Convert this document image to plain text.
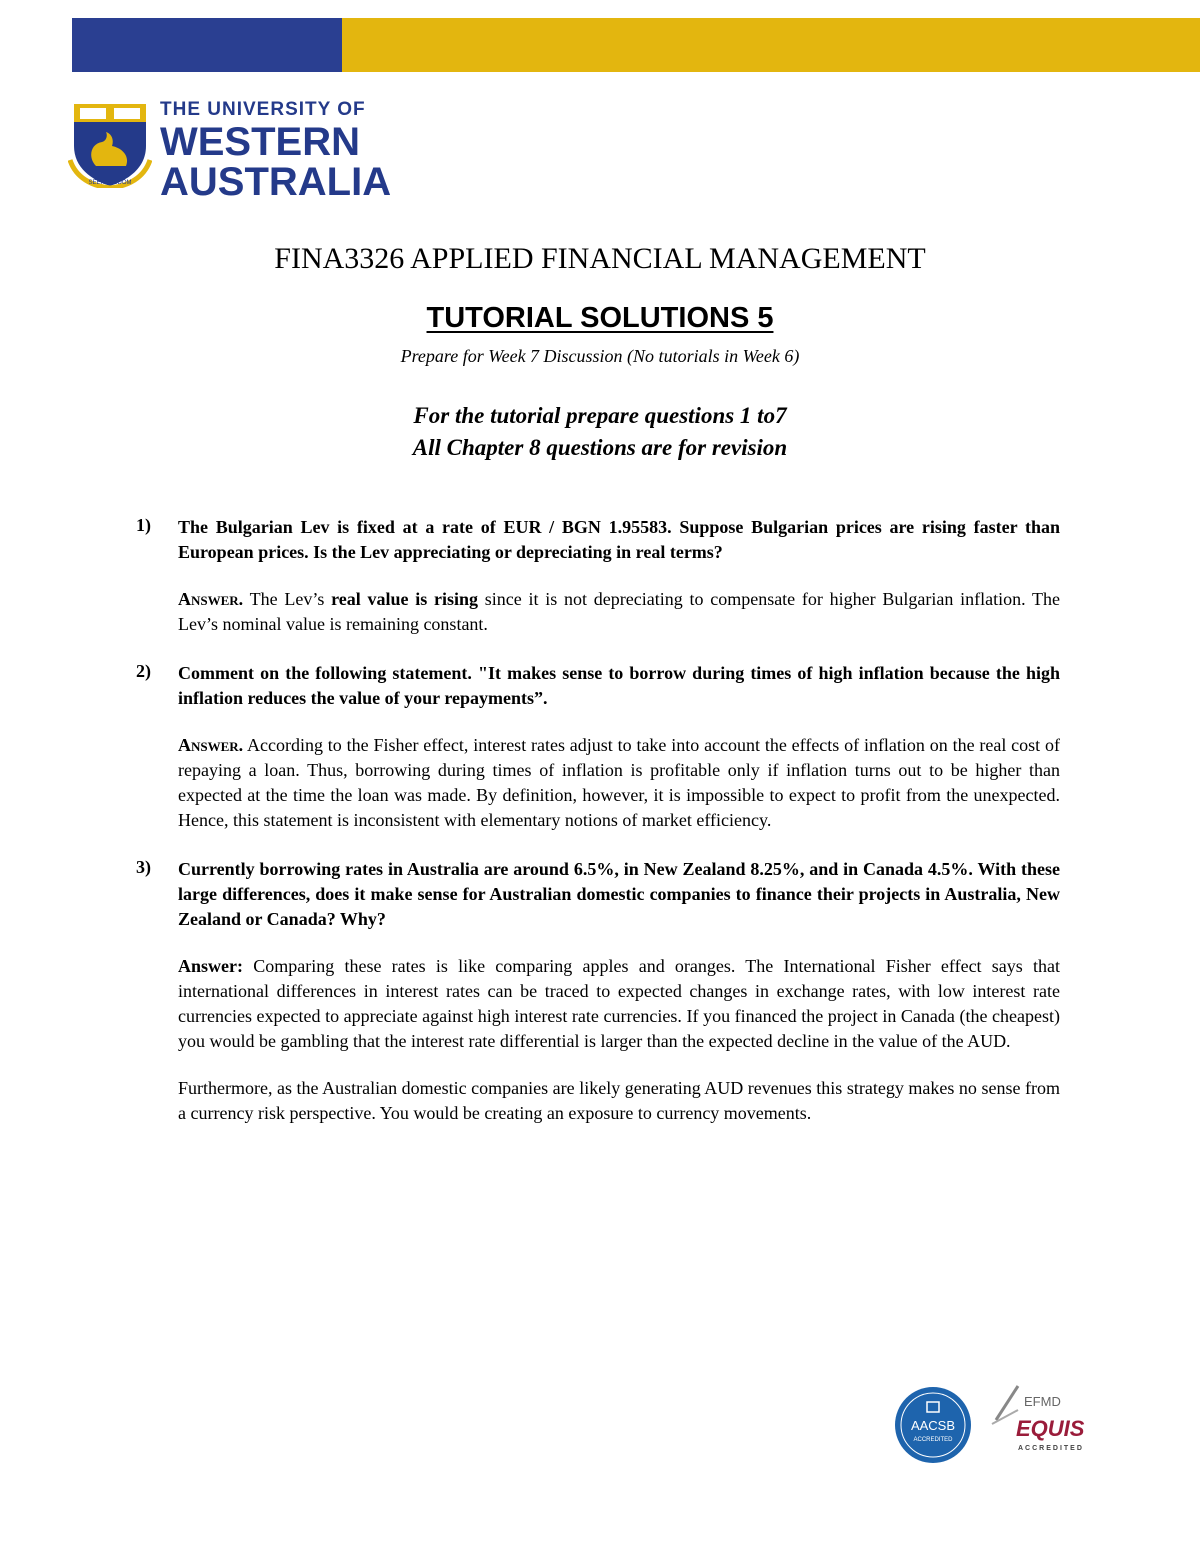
SEEK WISDOM
THE UNIVERSITY OF
WESTERN
AUSTRALIA
FINA3326 APPLIED FINANCIAL MANAGEMENT
TUTORIAL SOLUTIONS 5
Prepare for Week 7 Discussion (No tutorials in Week 6)
For the tutorial prepare questions 1 to7
All Chapter 8 questions are for revision
1) The Bulgarian Lev is fixed at a rate of EUR / BGN 1.95583. Suppose Bulgarian prices are rising faster than European prices. Is the Lev appreciating or depreciating in real terms?

Answer. The Lev’s real value is rising since it is not depreciating to compensate for higher Bulgarian inflation. The Lev’s nominal value is remaining constant.

2) Comment on the following statement. "It makes sense to borrow during times of high inflation because the high inflation reduces the value of your repayments”.

Answer. According to the Fisher effect, interest rates adjust to take into account the effects of inflation on the real cost of repaying a loan. Thus, borrowing during times of inflation is profitable only if inflation turns out to be higher than expected at the time the loan was made. By definition, however, it is impossible to expect to profit from the unexpected. Hence, this statement is inconsistent with elementary notions of market efficiency.

3) Currently borrowing rates in Australia are around 6.5%, in New Zealand 8.25%, and in Canada 4.5%. With these large differences, does it make sense for Australian domestic companies to finance their projects in Australia, New Zealand or Canada? Why?

Answer: Comparing these rates is like comparing apples and oranges. The International Fisher effect says that international differences in interest rates can be traced to expected changes in exchange rates, with low interest rate currencies expected to appreciate against high interest rate currencies. If you financed the project in Canada (the cheapest) you would be gambling that the interest rate differential is larger than the expected decline in the value of the AUD.

Furthermore, as the Australian domestic companies are likely generating AUD revenues this strategy makes no sense from a currency risk perspective. You would be creating an exposure to currency movements.

AACSB
ACCREDITED
EFMD
EQUIS
ACCREDITED
